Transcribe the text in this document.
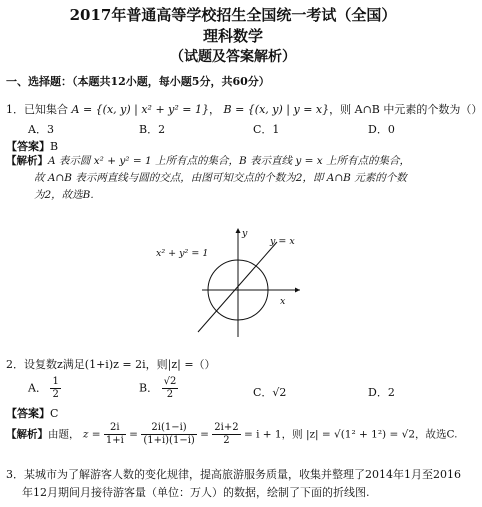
2017年普通高等学校招生全国统一考试（全国）
理科数学
（试题及答案解析）
一、选择题：（本题共12小题，每小题5分，共60分）
1．已知集合 A = {(x, y) | x² + y² = 1}， B = {(x, y) | y = x}，则 A∩B 中元素的个数为（）
A．3	B．2	C．1	D．0
【答案】B
【解析】A 表示圆 x² + y² = 1 上所有点的集合，B 表示直线 y = x 上所有点的集合，
故 A∩B 表示两直线与圆的交点，由图可知交点的个数为2，即 A∩B 元素的个数
为2，故选B.
x² + y² = 1
y = x
y
x
2．设复数z满足(1+i)z = 2i，则|z| =（）
A． $\frac{1}{2}$	B． $\frac{√2}{2}$	C．√2	D．2
【答案】C
【解析】由题， $z = \frac{2i}{1+i} = \frac{2i(1-i)}{(1+i)(1-i)} = \frac{2i+2}{2} = i + 1$，则 |z| = √(1² + 1²) = √2，故选C.
3．某城市为了解游客人数的变化规律，提高旅游服务质量，收集并整理了2014年1月至2016
年12月期间月接待游客量（单位：万人）的数据，绘制了下面的折线图.
